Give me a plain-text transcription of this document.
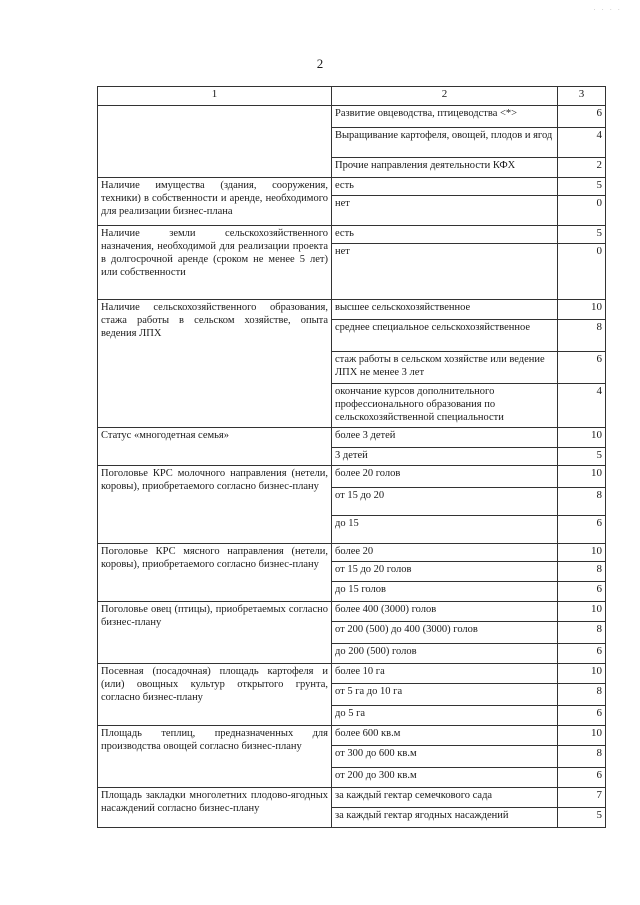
· · · ·
2
1	2	3
	Развитие овцеводства, птицеводства <*>	6
	Выращивание картофеля, овощей, плодов и ягод	4
	Прочие направления деятельности КФХ	2
Наличие имущества (здания, сооружения, техники) в собственности и аренде, необходимого для реализации бизнес-плана	есть	5
	нет	0
Наличие земли сельскохозяйственного назначения, необходимой для реализации проекта в долгосрочной аренде (сроком не менее 5 лет) или собственности	есть	5
	нет	0
Наличие сельскохозяйственного образования, стажа работы в сельском хозяйстве, опыта ведения ЛПХ	высшее сельскохозяйственное	10
	среднее специальное сельскохозяйственное	8
	стаж работы в сельском хозяйстве или ведение ЛПХ не менее 3 лет	6
	окончание курсов дополнительного профессионального образования по сельскохозяйственной специальности	4
Статус «многодетная семья»	более 3 детей	10
	3 детей	5
Поголовье КРС молочного направления (нетели, коровы), приобретаемого согласно бизнес-плану	более 20 голов	10
	от 15 до 20	8
	до 15	6
Поголовье КРС мясного направления (нетели, коровы), приобретаемого согласно бизнес-плану	более 20	10
	от 15 до 20 голов	8
	до 15 голов	6
Поголовье овец (птицы), приобретаемых согласно бизнес-плану	более 400 (3000) голов	10
	от 200 (500) до 400 (3000) голов	8
	до 200 (500) голов	6
Посевная (посадочная) площадь картофеля и (или) овощных культур открытого грунта, согласно бизнес-плану	более 10 га	10
	от 5 га до 10 га	8
	до 5 га	6
Площадь теплиц, предназначенных для производства овощей согласно бизнес-плану	более 600 кв.м	10
	от 300 до 600 кв.м	8
	от 200 до 300 кв.м	6
Площадь закладки многолетних плодово-ягодных насаждений согласно бизнес-плану	за каждый гектар семечкового сада	7
	за каждый гектар ягодных насаждений	5
